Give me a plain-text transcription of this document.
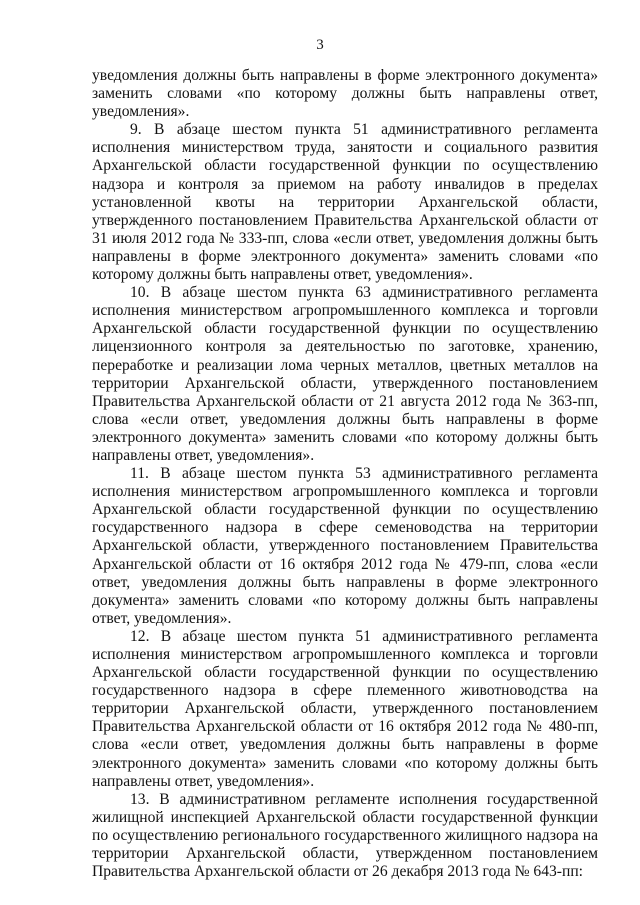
3

уведомления должны быть направлены в форме электронного документа» заменить словами «по которому должны быть направлены ответ, уведомления».

9. В абзаце шестом пункта 51 административного регламента исполнения министерством труда, занятости и социального развития Архангельской области государственной функции по осуществлению надзора и контроля за приемом на работу инвалидов в пределах установленной квоты на территории Архангельской области, утвержденного постановлением Правительства Архангельской области от 31 июля 2012 года № 333-пп, слова «если ответ, уведомления должны быть направлены в форме электронного документа» заменить словами «по которому должны быть направлены ответ, уведомления».

10. В абзаце шестом пункта 63 административного регламента исполнения министерством агропромышленного комплекса и торговли Архангельской области государственной функции по осуществлению лицензионного контроля за деятельностью по заготовке, хранению, переработке и реализации лома черных металлов, цветных металлов на территории Архангельской области, утвержденного постановлением Правительства Архангельской области от 21 августа 2012 года № 363-пп, слова «если ответ, уведомления должны быть направлены в форме электронного документа» заменить словами «по которому должны быть направлены ответ, уведомления».

11. В абзаце шестом пункта 53 административного регламента исполнения министерством агропромышленного комплекса и торговли Архангельской области государственной функции по осуществлению государственного надзора в сфере семеноводства на территории Архангельской области, утвержденного постановлением Правительства Архангельской области от 16 октября 2012 года № 479-пп, слова «если ответ, уведомления должны быть направлены в форме электронного документа» заменить словами «по которому должны быть направлены ответ, уведомления».

12. В абзаце шестом пункта 51 административного регламента исполнения министерством агропромышленного комплекса и торговли Архангельской области государственной функции по осуществлению государственного надзора в сфере племенного животноводства на территории Архангельской области, утвержденного постановлением Правительства Архангельской области от 16 октября 2012 года № 480-пп, слова «если ответ, уведомления должны быть направлены в форме электронного документа» заменить словами «по которому должны быть направлены ответ, уведомления».

13. В административном регламенте исполнения государственной жилищной инспекцией Архангельской области государственной функции по осуществлению регионального государственного жилищного надзора на территории Архангельской области, утвержденном постановлением Правительства Архангельской области от 26 декабря 2013 года № 643-пп:
